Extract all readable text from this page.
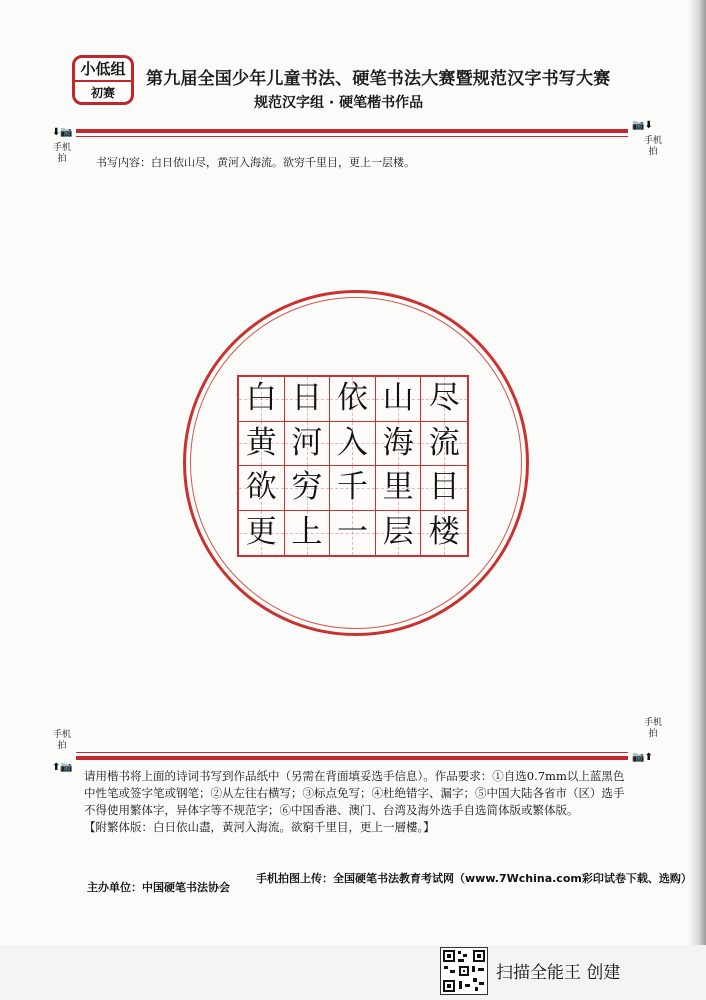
小低组
初赛
第九届全国少年儿童书法、硬笔书法大赛暨规范汉字书写大赛
规范汉字组 · 硬笔楷书作品
⬇📷
手机拍
📷⬇
手机拍
书写内容：白日依山尽，黄河入海流。欲穷千里目，更上一层楼。
白 日 依 山 尽
黄 河 入 海 流
欲 穷 千 里 目
更 上 一 层 楼
手机拍
⬆📷
手机拍
📷⬆

请用楷书将上面的诗词书写到作品纸中（另需在背面填妥选手信息）。作品要求：①自选0.7mm以上蓝黑色

中性笔或签字笔或钢笔；②从左往右横写；③标点免写；④杜绝错字、漏字；⑤中国大陆各省市（区）选手

不得使用繁体字，异体字等不规范字；⑥中国香港、澳门、台湾及海外选手自选简体版或繁体版。

【附繁体版：白日依山盡，黃河入海流。欲窮千里目，更上一層樓。】

主办单位：中国硬笔书法协会
手机拍图上传：全国硬笔书法教育考试网（www.7Wchina.com彩印试卷下载、选购）
扫描全能王 创建
